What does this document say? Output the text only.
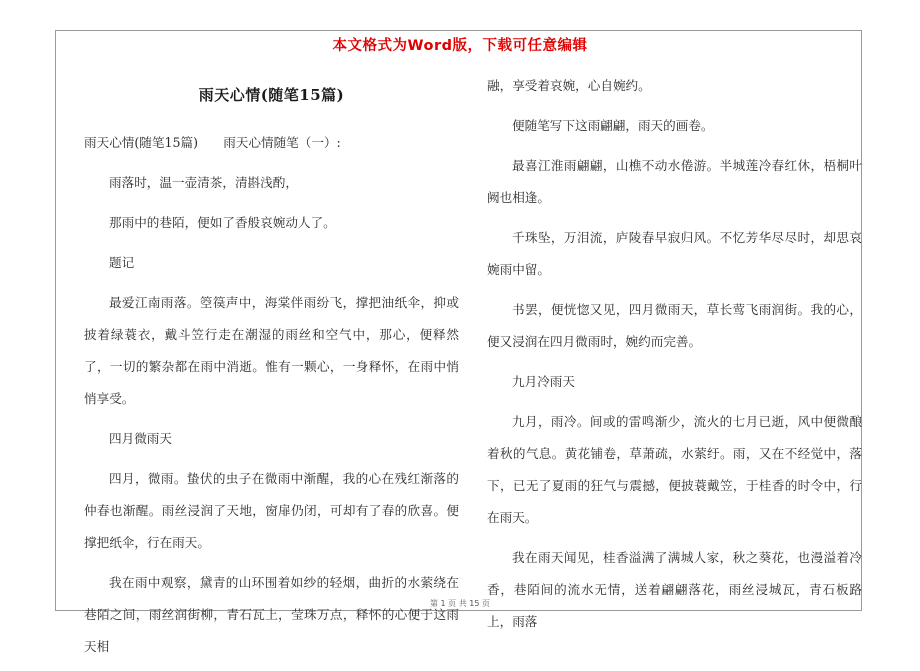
本文格式为Word版，下载可任意编辑
雨天心情(随笔15篇)

雨天心情(随笔15篇)　　雨天心情随笔（一）:

雨落时，温一壶清茶，清斟浅酌，

那雨中的巷陌，便如了香般哀婉动人了。

题记

最爱江南雨落。箜篌声中，海棠伴雨纷飞，撑把油纸伞，抑或披着绿蓑衣，戴斗笠行走在潮湿的雨丝和空气中，那心，便释然了，一切的繁杂都在雨中消逝。惟有一颗心，一身释怀，在雨中悄悄享受。

四月微雨天

四月，微雨。蛰伏的虫子在微雨中渐醒，我的心在残红渐落的仲春也渐醒。雨丝浸润了天地，窗扉仍闭，可却有了春的欣喜。便撑把纸伞，行在雨天。

我在雨中观察，黛青的山环围着如纱的轻烟，曲折的水萦绕在巷陌之间，雨丝润街柳，青石瓦上，莹珠万点，释怀的心便于这雨天相

融，享受着哀婉，心自婉约。

便随笔写下这雨翩翩，雨天的画卷。

最喜江淮雨翩翩，山樵不动水倦游。半城莲冷春红休，梧桐叶阙也相逢。

千珠坠，万泪流，庐陵春早寂归风。不忆芳华尽尽时，却思哀婉雨中留。

书罢，便恍惚又见，四月微雨天，草长莺飞雨润街。我的心，便又浸润在四月微雨时，婉约而完善。

九月冷雨天

九月，雨冷。间或的雷鸣渐少，流火的七月已逝，风中便微酿着秋的气息。黄花铺卷，草萧疏，水萦纡。雨，又在不经觉中，落下，已无了夏雨的狂气与震撼，便披蓑戴笠，于桂香的时令中，行在雨天。

我在雨天闻见，桂香溢满了满城人家，秋之葵花，也漫溢着冷香，巷陌间的流水无情，送着翩翩落花，雨丝浸城瓦，青石板路上，雨落

第 1 页 共 15 页
